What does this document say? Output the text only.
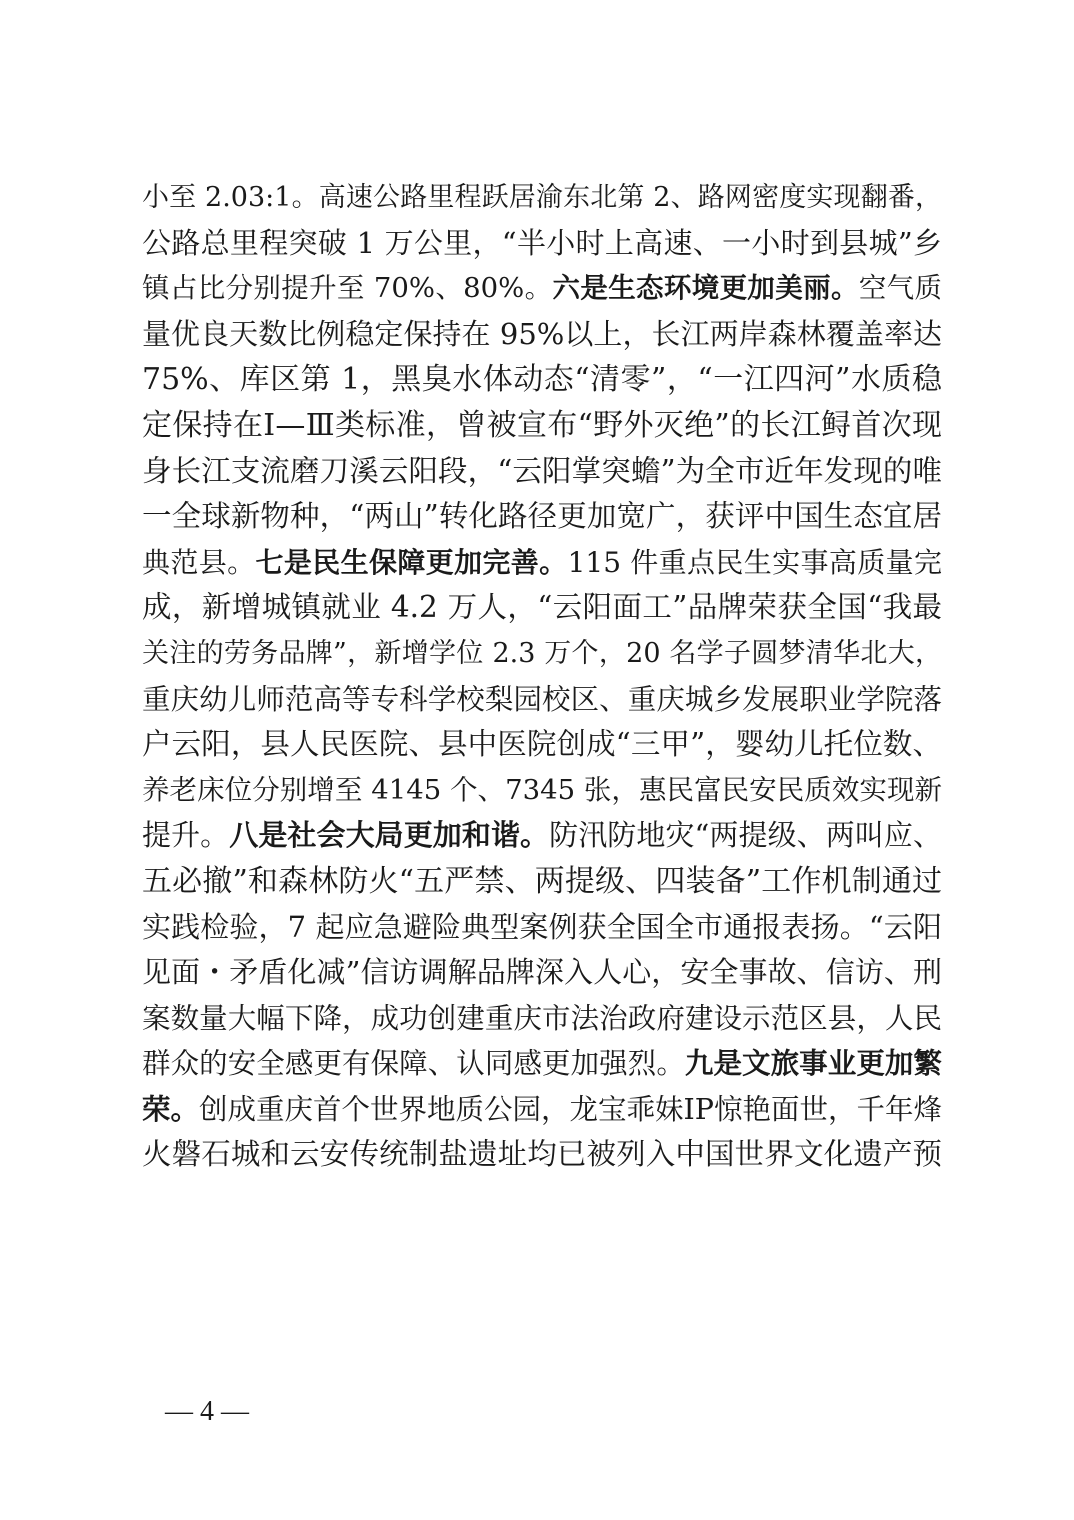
小至 2.03:1。高速公路里程跃居渝东北第 2、路网密度实现翻番，
公路总里程突破 1 万公里，“半小时上高速、一小时到县城”乡
镇占比分别提升至 70%、80%。六是生态环境更加美丽。空气质
量优良天数比例稳定保持在 95%以上，长江两岸森林覆盖率达
75%、库区第 1，黑臭水体动态“清零”，“一江四河”水质稳
定保持在Ⅰ—Ⅲ类标准，曾被宣布“野外灭绝”的长江鲟首次现
身长江支流磨刀溪云阳段，“云阳掌突蟾”为全市近年发现的唯
一全球新物种，“两山”转化路径更加宽广，获评中国生态宜居
典范县。七是民生保障更加完善。115 件重点民生实事高质量完
成，新增城镇就业 4.2 万人，“云阳面工”品牌荣获全国“我最
关注的劳务品牌”，新增学位 2.3 万个，20 名学子圆梦清华北大，
重庆幼儿师范高等专科学校梨园校区、重庆城乡发展职业学院落
户云阳，县人民医院、县中医院创成“三甲”，婴幼儿托位数、
养老床位分别增至 4145 个、7345 张，惠民富民安民质效实现新
提升。八是社会大局更加和谐。防汛防地灾“两提级、两叫应、
五必撤”和森林防火“五严禁、两提级、四装备”工作机制通过
实践检验，7 起应急避险典型案例获全国全市通报表扬。“云阳
见面・矛盾化减”信访调解品牌深入人心，安全事故、信访、刑
案数量大幅下降，成功创建重庆市法治政府建设示范区县，人民
群众的安全感更有保障、认同感更加强烈。九是文旅事业更加繁
荣。创成重庆首个世界地质公园，龙宝乖妹IP惊艳面世，千年烽
火磐石城和云安传统制盐遗址均已被列入中国世界文化遗产预
— 4 —
